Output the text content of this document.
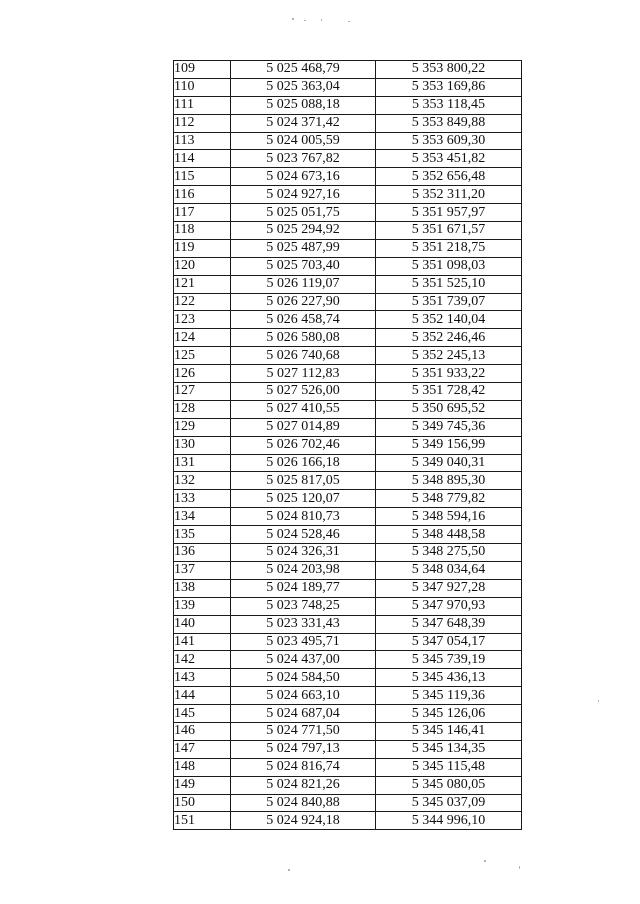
109	5 025 468,79	5 353 800,22
110	5 025 363,04	5 353 169,86
111	5 025 088,18	5 353 118,45
112	5 024 371,42	5 353 849,88
113	5 024 005,59	5 353 609,30
114	5 023 767,82	5 353 451,82
115	5 024 673,16	5 352 656,48
116	5 024 927,16	5 352 311,20
117	5 025 051,75	5 351 957,97
118	5 025 294,92	5 351 671,57
119	5 025 487,99	5 351 218,75
120	5 025 703,40	5 351 098,03
121	5 026 119,07	5 351 525,10
122	5 026 227,90	5 351 739,07
123	5 026 458,74	5 352 140,04
124	5 026 580,08	5 352 246,46
125	5 026 740,68	5 352 245,13
126	5 027 112,83	5 351 933,22
127	5 027 526,00	5 351 728,42
128	5 027 410,55	5 350 695,52
129	5 027 014,89	5 349 745,36
130	5 026 702,46	5 349 156,99
131	5 026 166,18	5 349 040,31
132	5 025 817,05	5 348 895,30
133	5 025 120,07	5 348 779,82
134	5 024 810,73	5 348 594,16
135	5 024 528,46	5 348 448,58
136	5 024 326,31	5 348 275,50
137	5 024 203,98	5 348 034,64
138	5 024 189,77	5 347 927,28
139	5 023 748,25	5 347 970,93
140	5 023 331,43	5 347 648,39
141	5 023 495,71	5 347 054,17
142	5 024 437,00	5 345 739,19
143	5 024 584,50	5 345 436,13
144	5 024 663,10	5 345 119,36
145	5 024 687,04	5 345 126,06
146	5 024 771,50	5 345 146,41
147	5 024 797,13	5 345 134,35
148	5 024 816,74	5 345 115,48
149	5 024 821,26	5 345 080,05
150	5 024 840,88	5 345 037,09
151	5 024 924,18	5 344 996,10
